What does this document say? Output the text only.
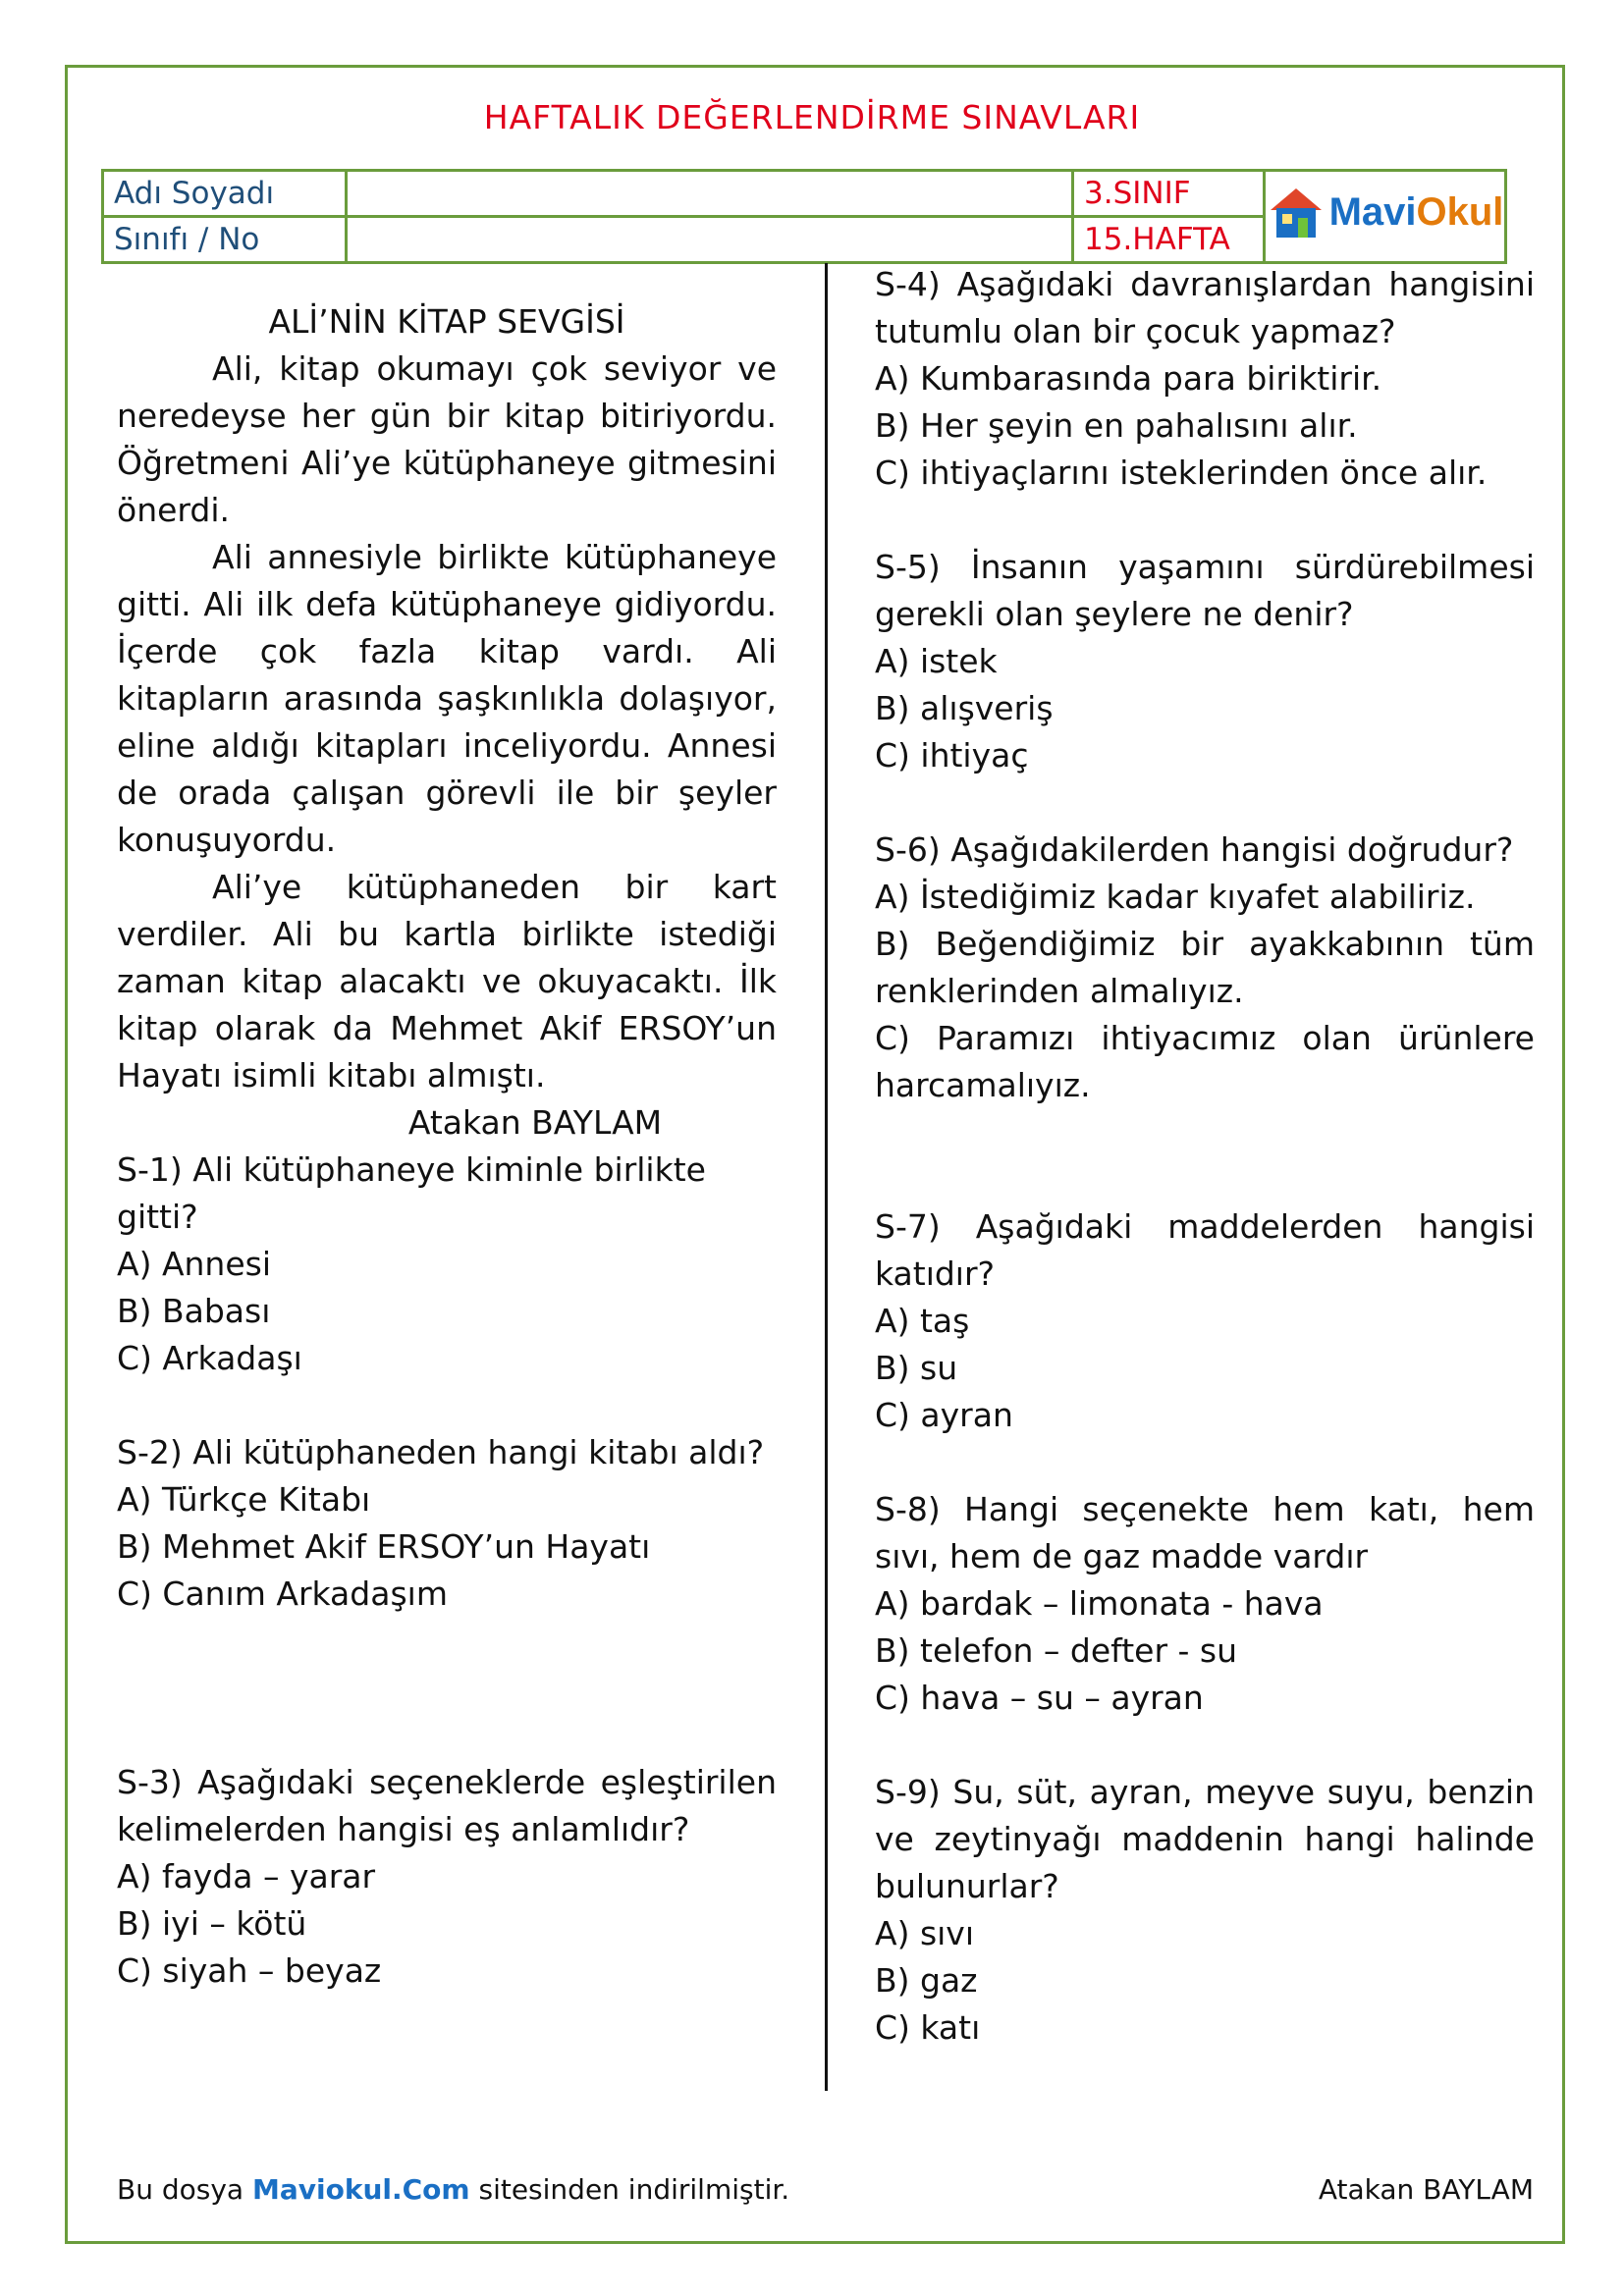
HAFTALIK DEĞERLENDİRME SINAVLARI
Adı Soyadı		3.SINIF	MaviOkul

Sınıfı / No		15.HAFTA	

ALİ’NİN KİTAP SEVGİSİ

Ali, kitap okumayı çok seviyor ve neredeyse her gün bir kitap bitiriyordu. Öğretmeni Ali’ye kütüphaneye gitmesini önerdi.

Ali annesiyle birlikte kütüphaneye gitti. Ali ilk defa kütüphaneye gidiyordu. İçerde çok fazla kitap vardı. Ali kitapların arasında şaşkınlıkla dolaşıyor, eline aldığı kitapları inceliyordu. Annesi de orada çalışan görevli ile bir şeyler konuşuyordu.

Ali’ye kütüphaneden bir kart verdiler. Ali bu kartla birlikte istediği zaman kitap alacaktı ve okuyacaktı. İlk kitap olarak da Mehmet Akif ERSOY’un Hayatı isimli kitabı almıştı.

Atakan BAYLAM

S-1) Ali kütüphaneye kiminle birlikte gitti?

A) Annesi

B) Babası

C) Arkadaşı

S-2) Ali kütüphaneden hangi kitabı aldı?

A) Türkçe Kitabı

B) Mehmet Akif ERSOY’un Hayatı

C) Canım Arkadaşım

S-3) Aşağıdaki seçeneklerde eşleştirilen kelimelerden hangisi eş anlamlıdır?

A) fayda – yarar

B) iyi – kötü

C) siyah – beyaz

S-4) Aşağıdaki davranışlardan hangisini tutumlu olan bir çocuk yapmaz?

A) Kumbarasında para biriktirir.

B) Her şeyin en pahalısını alır.

C) ihtiyaçlarını isteklerinden önce alır.

S-5) İnsanın yaşamını sürdürebilmesi gerekli olan şeylere ne denir?

A) istek

B) alışveriş

C) ihtiyaç

S-6) Aşağıdakilerden hangisi doğrudur?

A) İstediğimiz kadar kıyafet alabiliriz.

B) Beğendiğimiz bir ayakkabının tüm renklerinden almalıyız.

C) Paramızı ihtiyacımız olan ürünlere harcamalıyız.

S-7) Aşağıdaki maddelerden hangisi katıdır?

A) taş

B) su

C) ayran

S-8) Hangi seçenekte hem katı, hem sıvı, hem de gaz madde vardır

A) bardak – limonata - hava

B) telefon – defter - su

C) hava – su – ayran

S-9) Su, süt, ayran, meyve suyu, benzin ve zeytinyağı maddenin hangi halinde bulunurlar?

A) sıvı

B) gaz

C) katı

Bu dosya Maviokul.Com sitesinden indirilmiştir.	Atakan BAYLAM
